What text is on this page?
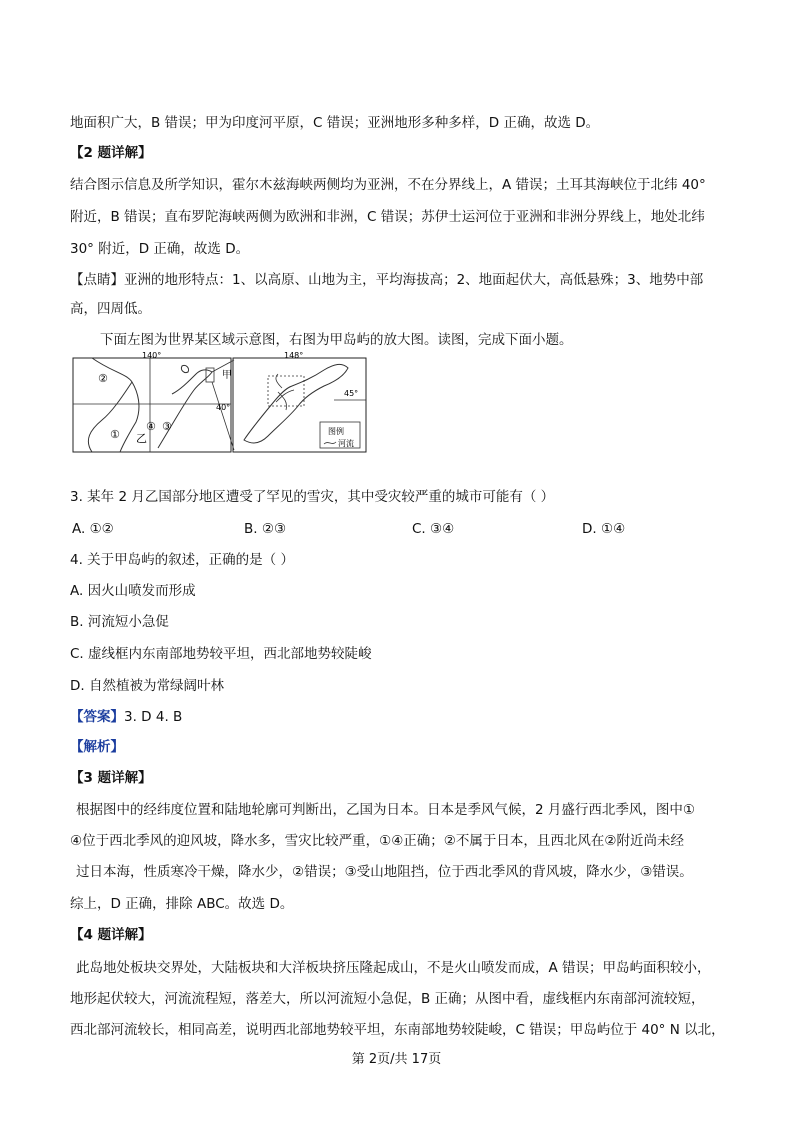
地面积广大，B 错误；甲为印度河平原，C 错误；亚洲地形多种多样，D 正确，故选 D。
【2 题详解】
结合图示信息及所学知识，霍尔木兹海峡两侧均为亚洲，不在分界线上，A 错误；土耳其海峡位于北纬 40°
附近，B 错误；直布罗陀海峡两侧为欧洲和非洲，C 错误；苏伊士运河位于亚洲和非洲分界线上，地处北纬
30° 附近，D 正确，故选 D。
【点睛】亚洲的地形特点：1、以高原、山地为主，平均海拔高；2、地面起伏大，高低悬殊；3、地势中部
高，四周低。
下面左图为世界某区域示意图，右图为甲岛屿的放大图。读图，完成下面小题。
140°	148°
40°
45°
甲
④
乙
①
②
③	图例
河流
3. 某年 2 月乙国部分地区遭受了罕见的雪灾，其中受灾较严重的城市可能有（ ）
A. ①②	B. ②③	C. ③④	D. ①④
4. 关于甲岛屿的叙述，正确的是（ ）
A. 因火山喷发而形成
B. 河流短小急促
C. 虚线框内东南部地势较平坦，西北部地势较陡峻
D. 自然植被为常绿阔叶林
【答案】3. D 4. B
【解析】
【3 题详解】
根据图中的经纬度位置和陆地轮廓可判断出，乙国为日本。日本是季风气候，2 月盛行西北季风，图中①
④位于西北季风的迎风坡，降水多，雪灾比较严重，①④正确；②不属于日本，且西北风在②附近尚未经
过日本海，性质寒冷干燥，降水少，②错误；③受山地阻挡，位于西北季风的背风坡，降水少，③错误。
综上，D 正确，排除 ABC。故选 D。
【4 题详解】
此岛地处板块交界处，大陆板块和大洋板块挤压隆起成山，不是火山喷发而成，A 错误；甲岛屿面积较小，
地形起伏较大，河流流程短，落差大，所以河流短小急促，B 正确；从图中看，虚线框内东南部河流较短，
西北部河流较长，相同高差，说明西北部地势较平坦，东南部地势较陡峻，C 错误；甲岛屿位于 40° N 以北，
第 2页/共 17页
